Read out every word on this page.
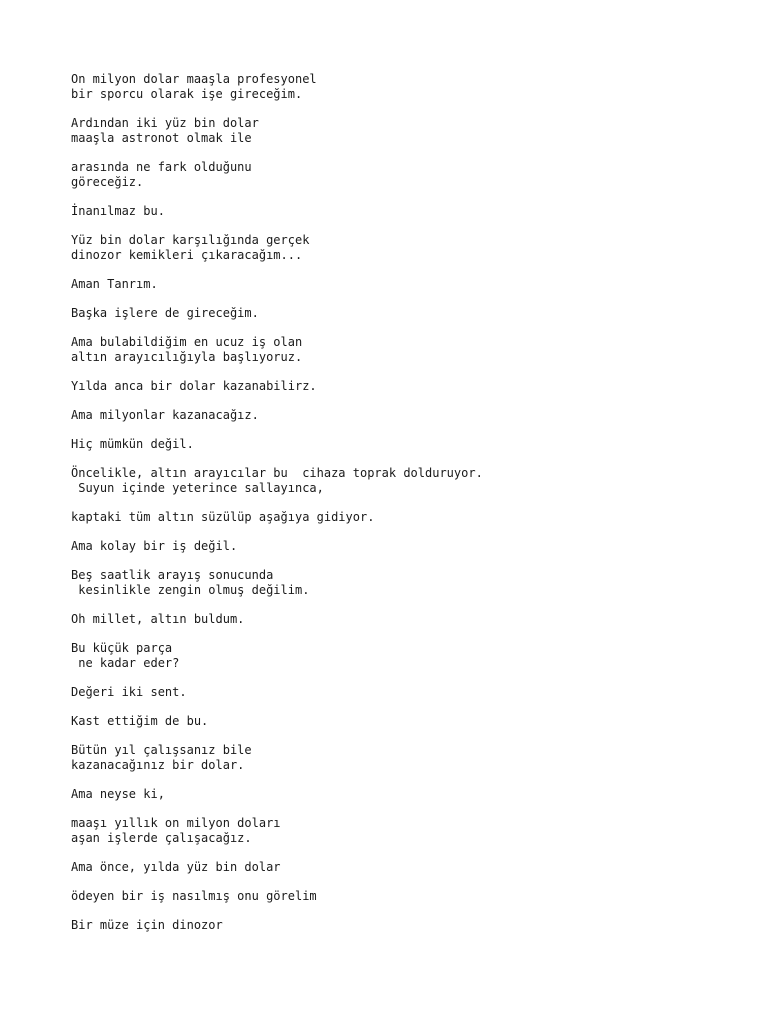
On milyon dolar maaşla profesyonel
bir sporcu olarak işe gireceğim.
Ardından iki yüz bin dolar
maaşla astronot olmak ile
arasında ne fark olduğunu
göreceğiz.
İnanılmaz bu.
Yüz bin dolar karşılığında gerçek
dinozor kemikleri çıkaracağım...
Aman Tanrım.
Başka işlere de gireceğim.
Ama bulabildiğim en ucuz iş olan
altın arayıcılığıyla başlıyoruz.
Yılda anca bir dolar kazanabilirz.
Ama milyonlar kazanacağız.
Hiç mümkün değil.
Öncelikle, altın arayıcılar bu  cihaza toprak dolduruyor.
Suyun içinde yeterince sallayınca,
kaptaki tüm altın süzülüp aşağıya gidiyor.
Ama kolay bir iş değil.
Beş saatlik arayış sonucunda
kesinlikle zengin olmuş değilim.
Oh millet, altın buldum.
Bu küçük parça
ne kadar eder?
Değeri iki sent.
Kast ettiğim de bu.
Bütün yıl çalışsanız bile
kazanacağınız bir dolar.
Ama neyse ki,
maaşı yıllık on milyon doları
aşan işlerde çalışacağız.
Ama önce, yılda yüz bin dolar
ödeyen bir iş nasılmış onu görelim
Bir müze için dinozor
